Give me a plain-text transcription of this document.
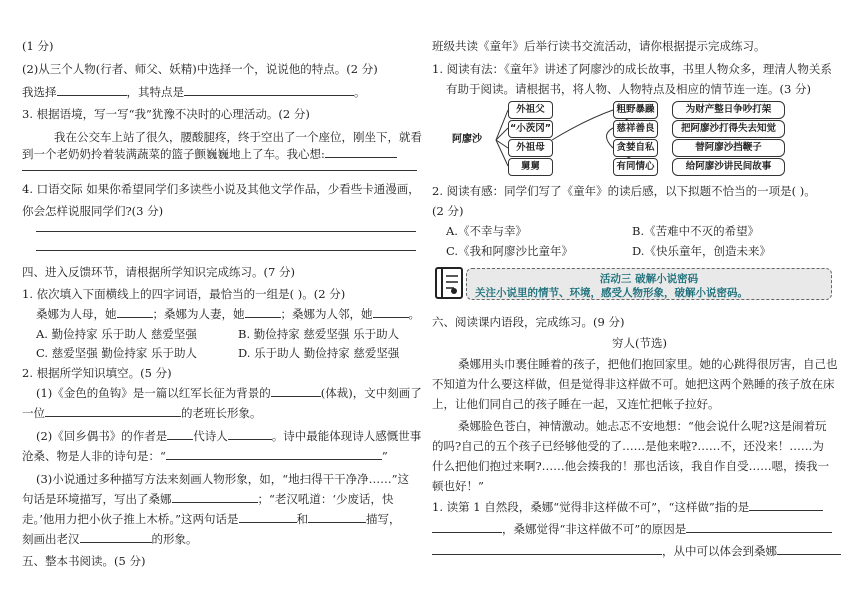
(1 分)
(2)从三个人物(行者、师父、妖精)中选择一个，说说他的特点。(2 分)
我选择	，其特点是	。
3. 根据语境，写一写“我”犹豫不决时的心理活动。(2 分)
我在公交车上站了很久，腰酸腿疼，终于空出了一个座位，刚坐下，就看
到一个老奶奶拎着装满蔬菜的篮子颤巍巍地上了车。我心想:
4. 口语交际 如果你希望同学们多读些小说及其他文学作品，少看些卡通漫画，
你会怎样说服同学们?(3 分)
四、进入反馈环节，请根据所学知识完成练习。(7 分)
1. 依次填入下面横线上的四字词语，最恰当的一组是( )。(2 分)
桑娜为人母，她	；桑娜为人妻，她	；桑娜为人邻，她	。
A. 勤俭持家 乐于助人 慈爱坚强	B. 勤俭持家 慈爱坚强 乐于助人
C. 慈爱坚强 勤俭持家 乐于助人	D. 乐于助人 勤俭持家 慈爱坚强
2. 根据所学知识填空。(5 分)
(1)《金色的鱼钩》是一篇以红军长征为背景的	(体裁)，文中刻画了
一位	的老班长形象。
(2)《回乡偶书》的作者是 代诗人	。诗中最能体现诗人感慨世事
沧桑、物是人非的诗句是：“	”
(3)小说通过多种描写方法来刻画人物形象，如，“地扫得干干净净……”这
句话是环境描写，写出了桑娜	；“老汉吼道：‘少废话，快
走。’他用力把小伙子推上木桥。”这两句话是	和	描写，
刻画出老汉	的形象。
五、整本书阅读。(5 分)
班级共读《童年》后举行读书交流活动，请你根据提示完成练习。
1. 阅读有法：《童年》讲述了阿廖沙的成长故事，书里人物众多，理清人物关系
有助于阅读。请根据书，将人物、人物特点及相应的情节连一连。(3 分)
阿廖沙
外祖父
“小茨冈”
外祖母
舅舅
粗野暴躁
慈祥善良
贪婪自私
有同情心
为财产整日争吵打架
把阿廖沙打得失去知觉
替阿廖沙挡鞭子
给阿廖沙讲民间故事
2. 阅读有感：同学们写了《童年》的读后感，以下拟题不恰当的一项是( )。
(2 分)
A.《不幸与幸》	B.《苦难中不灭的希望》
C.《我和阿廖沙比童年》	D.《快乐童年，创造未来》
活动三 破解小说密码
关注小说里的情节、环境，感受人物形象，破解小说密码。
六、阅读课内语段，完成练习。(9 分)
穷人(节选)
桑娜用头巾裹住睡着的孩子，把他们抱回家里。她的心跳得很厉害，自己也
不知道为什么要这样做，但是觉得非这样做不可。她把这两个熟睡的孩子放在床
上，让他们同自己的孩子睡在一起，又连忙把帐子拉好。
桑娜脸色苍白，神情激动。她忐忑不安地想：“他会说什么呢?这是闹着玩
的吗?自己的五个孩子已经够他受的了……是他来啦?……不，还没来！……为
什么把他们抱过来啊?……他会揍我的！那也活该，我自作自受……嗯，揍我一
顿也好！”
1. 读第 1 自然段，桑娜“觉得非这样做不可”，“这样做”指的是
，桑娜觉得“非这样做不可”的原因是
，从中可以体会到桑娜
